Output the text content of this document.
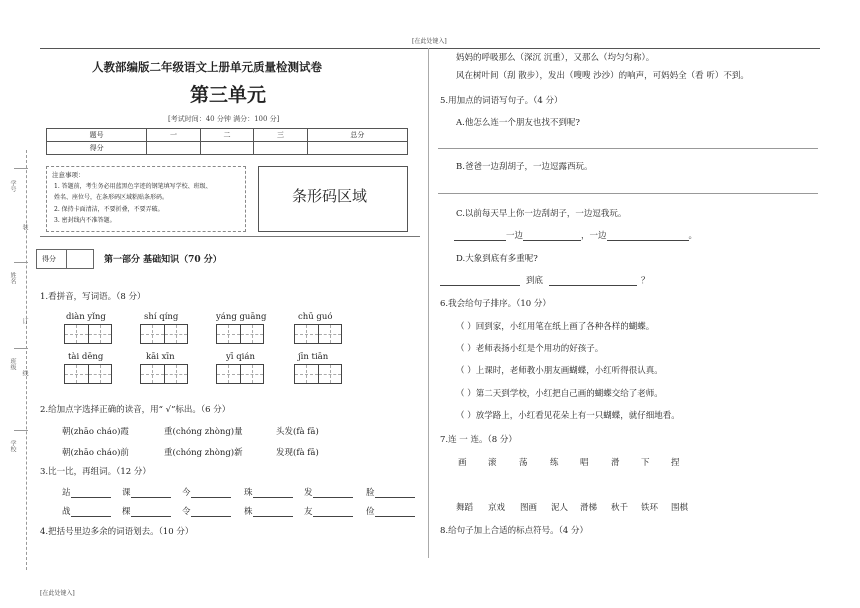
[在此处键入]
[在此处键入]
学号
姓名
班级
学校
装
订
线
人教部编版二年级语文上册单元质量检测试卷
第三单元
[考试时间：40 分钟 满分：100 分]
题号	一	二	三	总分
得分				
注意事项：
1. 答题前，考生务必用蓝黑色字迹的钢笔填写学校、班级、
姓名、座位号，在条形码区域粘贴条形码。
2. 保持卡面清洁，不要折叠，不要弄破。
3. 密封线内不准答题。
条形码区域
得分	第一部分 基础知识（70 分）
1.看拼音，写词语。（8 分）
diàn yǐng	shí qíng	yáng guāng	chū guó
tài dēng	kāi xīn	yī qián	jīn tiān
2.给加点字选择正确的读音，用“ √”标出。（6 分）
朝(zhāo cháo)霞	重(chóng zhòng)量	头发(fà fā)
朝(zhāo cháo)前	重(chóng zhòng)新	发现(fà fā)
3.比一比，再组词。（12 分）
站	课	今	珠	发	脸
战	棵	令	株	友	俭
4.把括号里边多余的词语划去。（10 分）
妈妈的呼吸那么（深沉 沉重），又那么（均匀匀称）。
风在树叶间（刮 散步），发出（嗖嗖 沙沙）的响声，可妈妈全（看 听）不到。
5.用加点的词语写句子。（4 分）
A.他怎么连一个朋友也找不到呢?
B.爸爸一边刮胡子，一边逗露西玩。
C.以前每天早上你一边刮胡子，一边逗我玩。
一边	，一边	。
D.大象到底有多重呢?
到底	？
6.我会给句子排序。（10 分）
（ ）回到家，小红用笔在纸上画了各种各样的蝴蝶。
（ ）老师表扬小红是个用功的好孩子。
（ ）上课时，老师教小朋友画蝴蝶，小红听得很认真。
（ ）第二天到学校，小红把自己画的蝴蝶交给了老师。
（ ）放学路上，小红看见花朵上有一只蝴蝶，就仔细地看。
7.连 一 连。（8 分）
画	滚	荡	练	唱	滑	下	捏
舞蹈 京戏 图画 泥人 滑梯 秋千 铁环 围棋
8.给句子加上合适的标点符号。（4 分）
